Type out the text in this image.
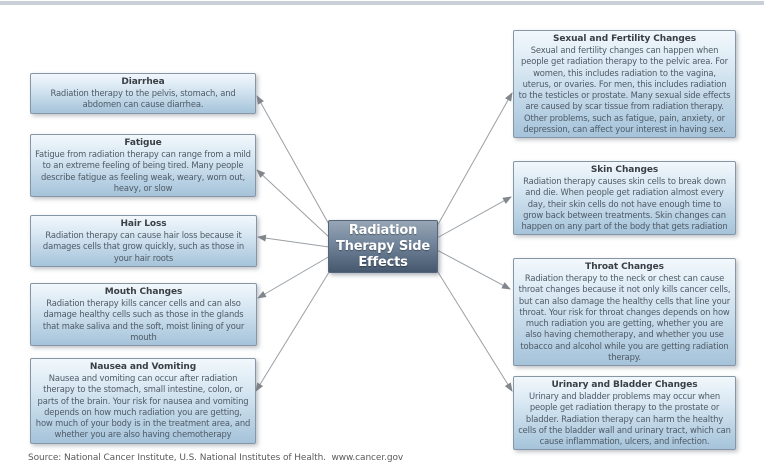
Diarrhea
Radiation therapy to the pelvis, stomach, and abdomen can cause diarrhea.
Fatigue
Fatigue from radiation therapy can range from a mild to an extreme feeling of being tired. Many people describe fatigue as feeling weak, weary, worn out, heavy, or slow
Hair Loss
Radiation therapy can cause hair loss because it damages cells that grow quickly, such as those in your hair roots
Mouth Changes
Radiation therapy kills cancer cells and can also damage healthy cells such as those in the glands that make saliva and the soft, moist lining of your mouth
Nausea and Vomiting
Nausea and vomiting can occur after radiation therapy to the stomach, small intestine, colon, or parts of the brain. Your risk for nausea and vomiting depends on how much radiation you are getting, how much of your body is in the treatment area, and whether you are also having chemotherapy
Sexual and Fertility Changes
Sexual and fertility changes can happen when people get radiation therapy to the pelvic area. For women, this includes radiation to the vagina, uterus, or ovaries. For men, this includes radiation to the testicles or prostate. Many sexual side effects are caused by scar tissue from radiation therapy. Other problems, such as fatigue, pain, anxiety, or depression, can affect your interest in having sex.
Skin Changes
Radiation therapy causes skin cells to break down and die. When people get radiation almost every day, their skin cells do not have enough time to grow back between treatments. Skin changes can happen on any part of the body that gets radiation
Throat Changes
Radiation therapy to the neck or chest can cause throat changes because it not only kills cancer cells, but can also damage the healthy cells that line your throat. Your risk for throat changes depends on how much radiation you are getting, whether you are also having chemotherapy, and whether you use tobacco and alcohol while you are getting radiation therapy.
Urinary and Bladder Changes
Urinary and bladder problems may occur when people get radiation therapy to the prostate or bladder. Radiation therapy can harm the healthy cells of the bladder wall and urinary tract, which can cause inflammation, ulcers, and infection.
Radiation Therapy Side Effects
Source: National Cancer Institute, U.S. National Institutes of Health.  www.cancer.gov
